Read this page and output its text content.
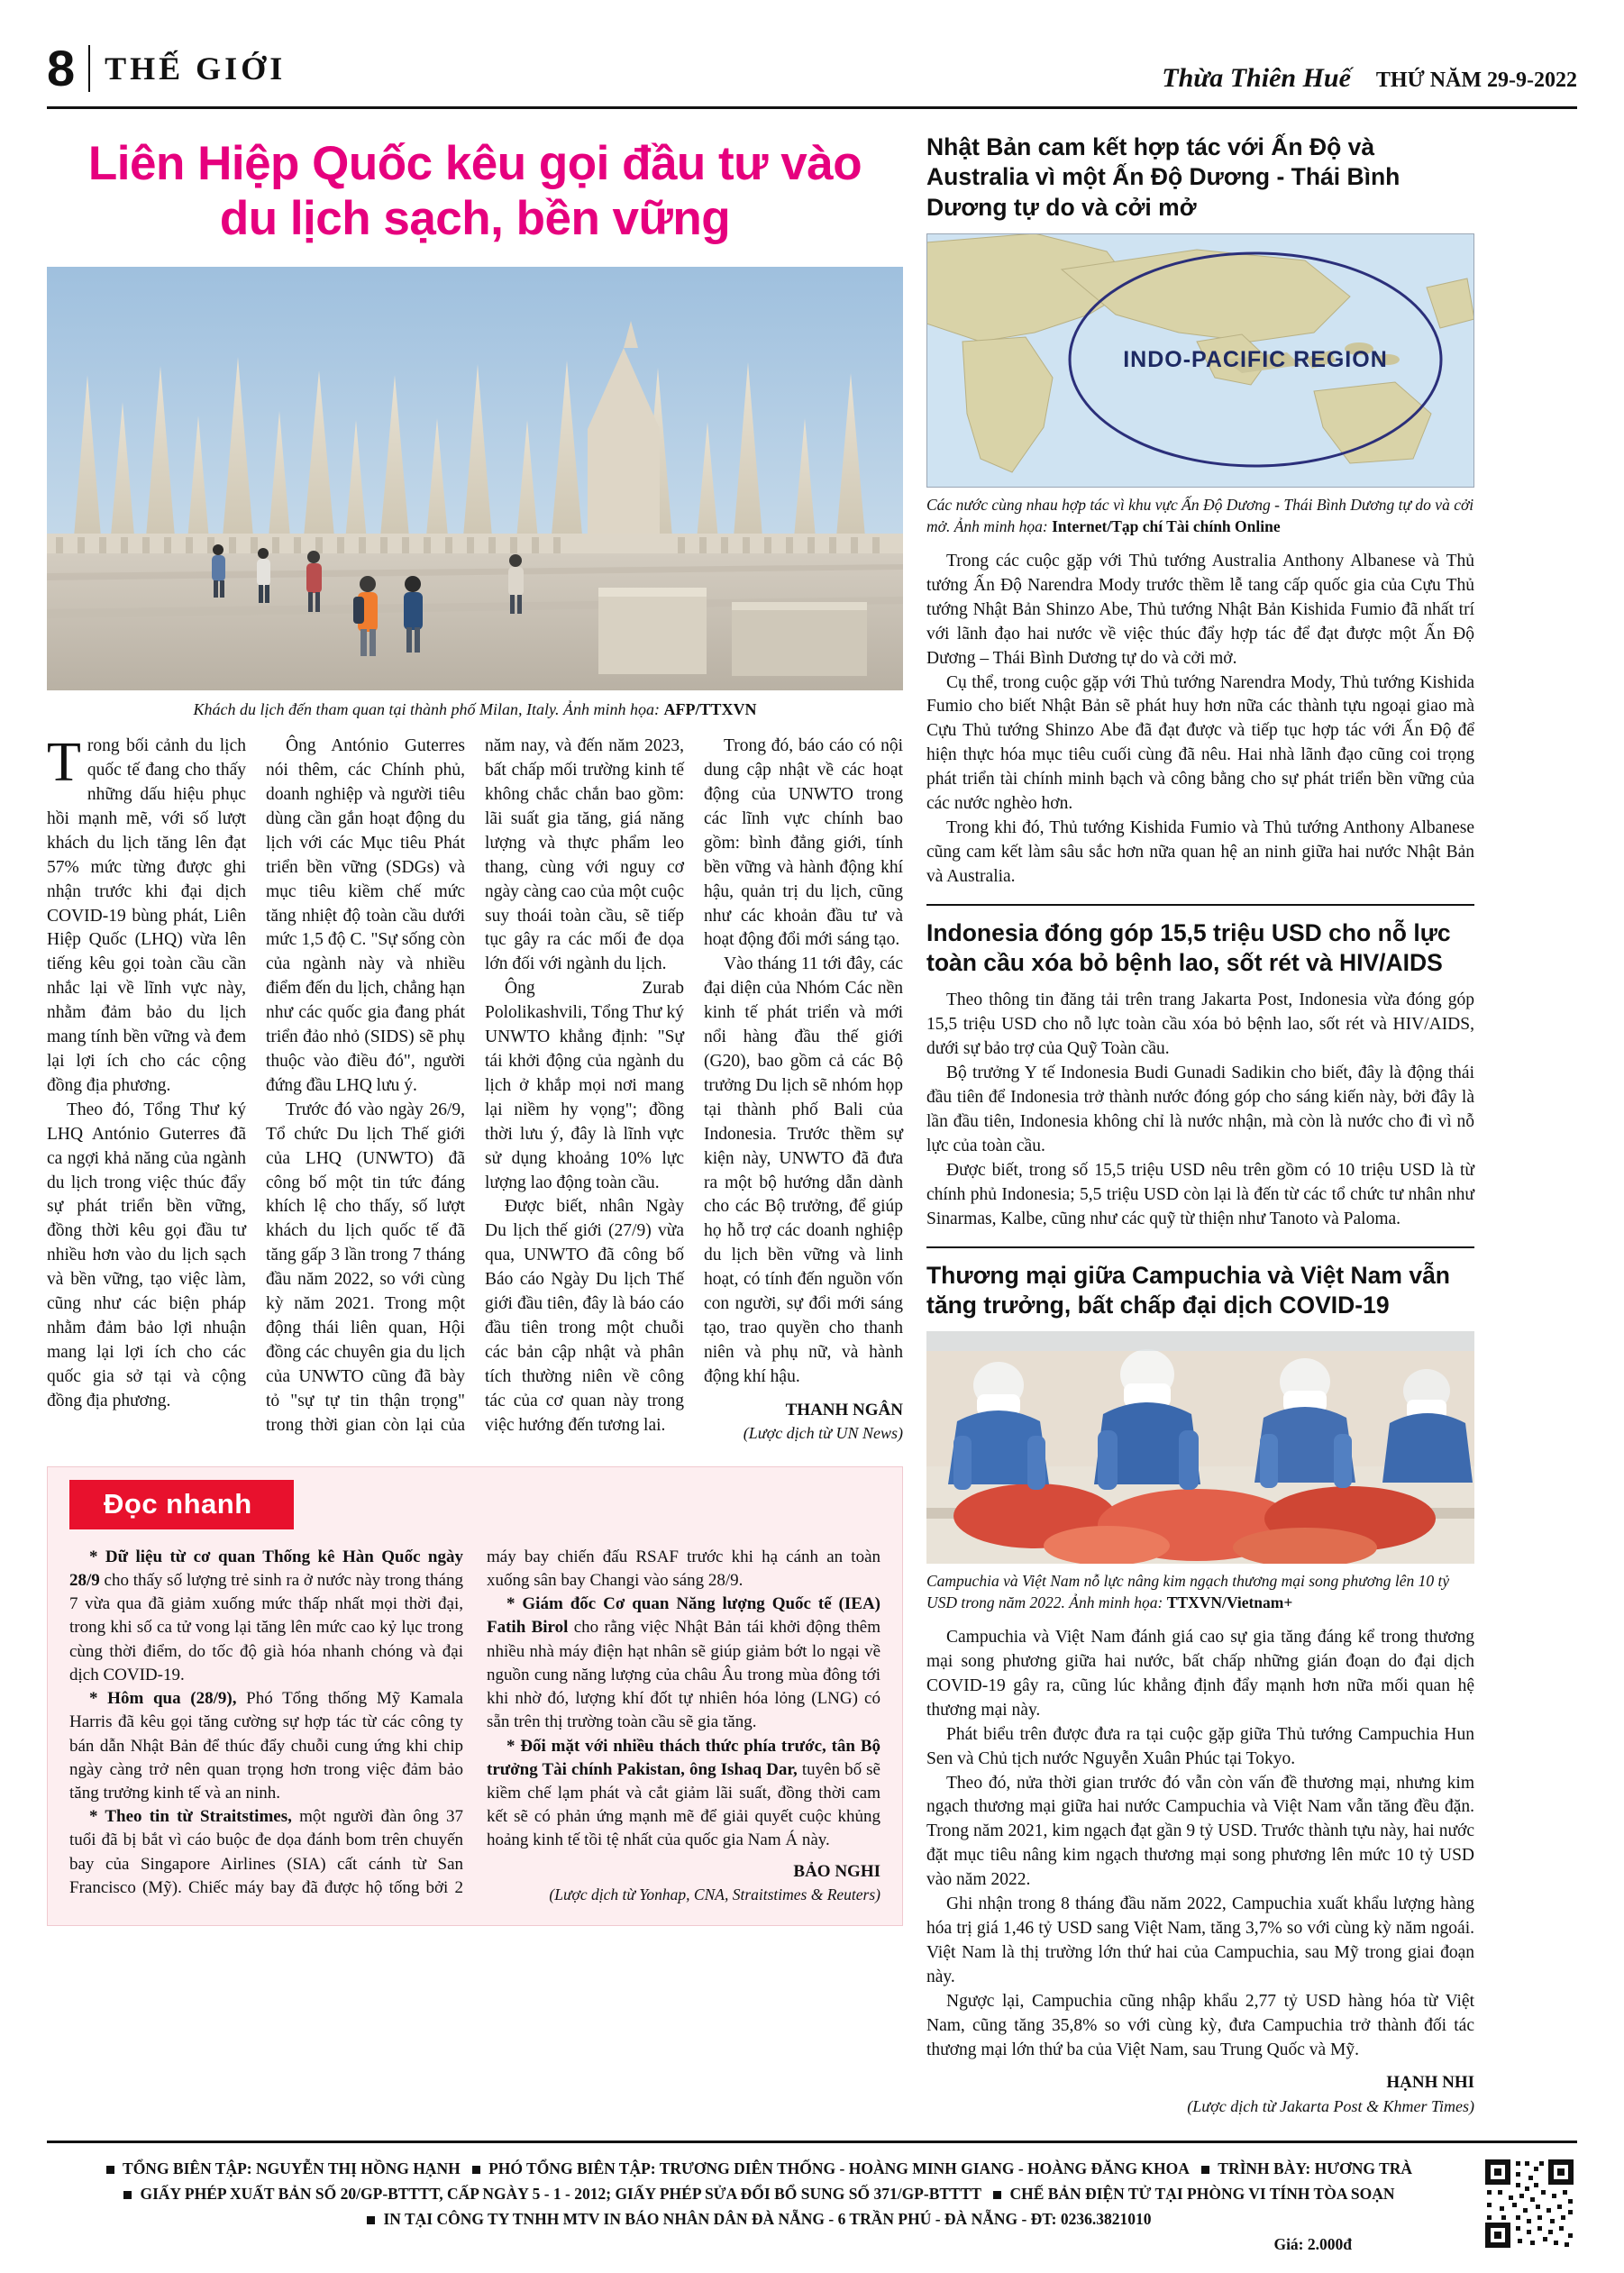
8 THẾ GIỚI	Thừa Thiên Huế THỨ NĂM 29-9-2022
Liên Hiệp Quốc kêu gọi đầu tư vào du lịch sạch, bền vững
Khách du lịch đến tham quan tại thành phố Milan, Italy. Ảnh minh họa: AFP/TTXVN

Trong bối cảnh du lịch quốc tế đang cho thấy những dấu hiệu phục hồi mạnh mẽ, với số lượt khách du lịch tăng lên đạt 57% mức từng được ghi nhận trước khi đại dịch COVID-19 bùng phát, Liên Hiệp Quốc (LHQ) vừa lên tiếng kêu gọi toàn cầu cần nhắc lại về lĩnh vực này, nhằm đảm bảo du lịch mang tính bền vững và đem lại lợi ích cho các cộng đồng địa phương.

Theo đó, Tổng Thư ký LHQ António Guterres đã ca ngợi khả năng của ngành du lịch trong việc thúc đẩy sự phát triển bền vững, đồng thời kêu gọi đầu tư nhiều hơn vào du lịch sạch và bền vững, tạo việc làm, cũng như các biện pháp nhằm đảm bảo lợi nhuận mang lại lợi ích cho các quốc gia sở tại và cộng đồng địa phương.

Ông António Guterres nói thêm, các Chính phủ, doanh nghiệp và người tiêu dùng cần gắn hoạt động du lịch với các Mục tiêu Phát triển bền vững (SDGs) và mục tiêu kiềm chế mức tăng nhiệt độ toàn cầu dưới mức 1,5 độ C. "Sự sống còn của ngành này và nhiều điểm đến du lịch, chẳng hạn như các quốc gia đang phát triển đảo nhỏ (SIDS) sẽ phụ thuộc vào điều đó", người đứng đầu LHQ lưu ý.

Trước đó vào ngày 26/9, Tổ chức Du lịch Thế giới của LHQ (UNWTO) đã công bố một tin tức đáng khích lệ cho thấy, số lượt khách du lịch quốc tế đã tăng gấp 3 lần trong 7 tháng đầu năm 2022, so với cùng kỳ năm 2021. Trong một động thái liên quan, Hội đồng các chuyên gia du lịch của UNWTO cũng đã bày tỏ "sự tự tin thận trọng" trong thời gian còn lại của năm nay, và đến năm 2023, bất chấp mối trường kinh tế không chắc chắn bao gồm: lãi suất gia tăng, giá năng lượng và thực phẩm leo thang, cùng với nguy cơ ngày càng cao của một cuộc suy thoái toàn cầu, sẽ tiếp tục gây ra các mối đe dọa lớn đối với ngành du lịch.

Ông Zurab Pololikashvili, Tổng Thư ký UNWTO khẳng định: "Sự tái khởi động của ngành du lịch ở khắp mọi nơi mang lại niềm hy vọng"; đồng thời lưu ý, đây là lĩnh vực sử dụng khoảng 10% lực lượng lao động toàn cầu.

Được biết, nhân Ngày Du lịch thế giới (27/9) vừa qua, UNWTO đã công bố Báo cáo Ngày Du lịch Thế giới đầu tiên, đây là báo cáo đầu tiên trong một chuỗi các bản cập nhật và phân tích thường niên về công tác của cơ quan này trong việc hướng đến tương lai.

Trong đó, báo cáo có nội dung cập nhật về các hoạt động của UNWTO trong các lĩnh vực chính bao gồm: bình đẳng giới, tính bền vững và hành động khí hậu, quản trị du lịch, cũng như các khoản đầu tư và hoạt động đổi mới sáng tạo.

Vào tháng 11 tới đây, các đại diện của Nhóm Các nền kinh tế phát triển và mới nổi hàng đầu thế giới (G20), bao gồm cả các Bộ trưởng Du lịch sẽ nhóm họp tại thành phố Bali của Indonesia. Trước thềm sự kiện này, UNWTO đã đưa ra một bộ hướng dẫn dành cho các Bộ trưởng, để giúp họ hỗ trợ các doanh nghiệp du lịch bền vững và linh hoạt, có tính đến nguồn vốn con người, sự đổi mới sáng tạo, trao quyền cho thanh niên và phụ nữ, và hành động khí hậu.

THANH NGÂN
(Lược dịch từ UN News)
Đọc nhanh

* Dữ liệu từ cơ quan Thống kê Hàn Quốc ngày 28/9 cho thấy số lượng trẻ sinh ra ở nước này trong tháng 7 vừa qua đã giảm xuống mức thấp nhất mọi thời đại, trong khi số ca tử vong lại tăng lên mức cao kỷ lục trong cùng thời điểm, do tốc độ già hóa nhanh chóng và đại dịch COVID-19.

* Hôm qua (28/9), Phó Tổng thống Mỹ Kamala Harris đã kêu gọi tăng cường sự hợp tác từ các công ty bán dẫn Nhật Bản để thúc đẩy chuỗi cung ứng khi chip ngày càng trở nên quan trọng hơn trong việc đảm bảo tăng trưởng kinh tế và an ninh.

* Theo tin từ Straitstimes, một người đàn ông 37 tuổi đã bị bắt vì cáo buộc đe dọa đánh bom trên chuyến bay của Singapore Airlines (SIA) cất cánh từ San Francisco (Mỹ). Chiếc máy bay đã được hộ tống bởi 2 máy bay chiến đấu RSAF trước khi hạ cánh an toàn xuống sân bay Changi vào sáng 28/9.

* Giám đốc Cơ quan Năng lượng Quốc tế (IEA) Fatih Birol cho rằng việc Nhật Bản tái khởi động thêm nhiều nhà máy điện hạt nhân sẽ giúp giảm bớt lo ngại về nguồn cung năng lượng của châu Âu trong mùa đông tới khi nhờ đó, lượng khí đốt tự nhiên hóa lỏng (LNG) có sẵn trên thị trường toàn cầu sẽ gia tăng.

* Đối mặt với nhiều thách thức phía trước, tân Bộ trưởng Tài chính Pakistan, ông Ishaq Dar, tuyên bố sẽ kiềm chế lạm phát và cắt giảm lãi suất, đồng thời cam kết sẽ có phản ứng mạnh mẽ để giải quyết cuộc khủng hoảng kinh tế tồi tệ nhất của quốc gia Nam Á này.

BẢO NGHI
(Lược dịch từ Yonhap, CNA, Straitstimes & Reuters)
Nhật Bản cam kết hợp tác với Ấn Độ và Australia vì một Ấn Độ Dương - Thái Bình Dương tự do và cởi mở
INDO-PACIFIC REGION
Các nước cùng nhau hợp tác vì khu vực Ấn Độ Dương - Thái Bình Dương tự do và cởi mở. Ảnh minh họa: Internet/Tạp chí Tài chính Online

Trong các cuộc gặp với Thủ tướng Australia Anthony Albanese và Thủ tướng Ấn Độ Narendra Mody trước thềm lễ tang cấp quốc gia của Cựu Thủ tướng Nhật Bản Shinzo Abe, Thủ tướng Nhật Bản Kishida Fumio đã nhất trí với lãnh đạo hai nước về việc thúc đẩy hợp tác để đạt được một Ấn Độ Dương – Thái Bình Dương tự do và cởi mở.

Cụ thể, trong cuộc gặp với Thủ tướng Narendra Mody, Thủ tướng Kishida Fumio cho biết Nhật Bản sẽ phát huy hơn nữa các thành tựu ngoại giao mà Cựu Thủ tướng Shinzo Abe đã đạt được và tiếp tục hợp tác với Ấn Độ để hiện thực hóa mục tiêu cuối cùng đã nêu. Hai nhà lãnh đạo cũng coi trọng phát triển tài chính minh bạch và công bằng cho sự phát triển bền vững của các nước nghèo hơn.

Trong khi đó, Thủ tướng Kishida Fumio và Thủ tướng Anthony Albanese cũng cam kết làm sâu sắc hơn nữa quan hệ an ninh giữa hai nước Nhật Bản và Australia.

Indonesia đóng góp 15,5 triệu USD cho nỗ lực toàn cầu xóa bỏ bệnh lao, sốt rét và HIV/AIDS

Theo thông tin đăng tải trên trang Jakarta Post, Indonesia vừa đóng góp 15,5 triệu USD cho nỗ lực toàn cầu xóa bỏ bệnh lao, sốt rét và HIV/AIDS, dưới sự bảo trợ của Quỹ Toàn cầu.

Bộ trưởng Y tế Indonesia Budi Gunadi Sadikin cho biết, đây là động thái đầu tiên để Indonesia trở thành nước đóng góp cho sáng kiến này, bởi đây là lần đầu tiên, Indonesia không chỉ là nước nhận, mà còn là nước cho đi vì nỗ lực của toàn cầu.

Được biết, trong số 15,5 triệu USD nêu trên gồm có 10 triệu USD là từ chính phủ Indonesia; 5,5 triệu USD còn lại là đến từ các tổ chức tư nhân như Sinarmas, Kalbe, cũng như các quỹ từ thiện như Tanoto và Paloma.

Thương mại giữa Campuchia và Việt Nam vẫn tăng trưởng, bất chấp đại dịch COVID-19
Campuchia và Việt Nam nỗ lực nâng kim ngạch thương mại song phương lên 10 tỷ USD trong năm 2022. Ảnh minh họa: TTXVN/Vietnam+

Campuchia và Việt Nam đánh giá cao sự gia tăng đáng kể trong thương mại song phương giữa hai nước, bất chấp những gián đoạn do đại dịch COVID-19 gây ra, cũng lúc khẳng định đẩy mạnh hơn nữa mối quan hệ thương mại này.

Phát biểu trên được đưa ra tại cuộc gặp giữa Thủ tướng Campuchia Hun Sen và Chủ tịch nước Nguyễn Xuân Phúc tại Tokyo.

Theo đó, nửa thời gian trước đó vẫn còn vấn đề thương mại, nhưng kim ngạch thương mại giữa hai nước Campuchia và Việt Nam vẫn tăng đều đặn. Trong năm 2021, kim ngạch đạt gần 9 tỷ USD. Trước thành tựu này, hai nước đặt mục tiêu nâng kim ngạch thương mại song phương lên mức 10 tỷ USD vào năm 2022.

Ghi nhận trong 8 tháng đầu năm 2022, Campuchia xuất khẩu lượng hàng hóa trị giá 1,46 tỷ USD sang Việt Nam, tăng 3,7% so với cùng kỳ năm ngoái. Việt Nam là thị trường lớn thứ hai của Campuchia, sau Mỹ trong giai đoạn này.

Ngược lại, Campuchia cũng nhập khẩu 2,77 tỷ USD hàng hóa từ Việt Nam, cũng tăng 35,8% so với cùng kỳ, đưa Campuchia trở thành đối tác thương mại lớn thứ ba của Việt Nam, sau Trung Quốc và Mỹ.

HẠNH NHI
(Lược dịch từ Jakarta Post & Khmer Times)
TỔNG BIÊN TẬP: NGUYỄN THỊ HỒNG HẠNH PHÓ TỔNG BIÊN TẬP: TRƯƠNG DIÊN THỐNG - HOÀNG MINH GIANG - HOÀNG ĐĂNG KHOA TRÌNH BÀY: HƯƠNG TRÀ
GIẤY PHÉP XUẤT BẢN SỐ 20/GP-BTTTT, CẤP NGÀY 5 - 1 - 2012; GIẤY PHÉP SỬA ĐỔI BỔ SUNG SỐ 371/GP-BTTTT CHẾ BẢN ĐIỆN TỬ TẠI PHÒNG VI TÍNH TÒA SOẠN
IN TẠI CÔNG TY TNHH MTV IN BÁO NHÂN DÂN ĐÀ NẴNG - 6 TRẦN PHÚ - ĐÀ NẴNG - ĐT: 0236.3821010
Giá: 2.000đ
